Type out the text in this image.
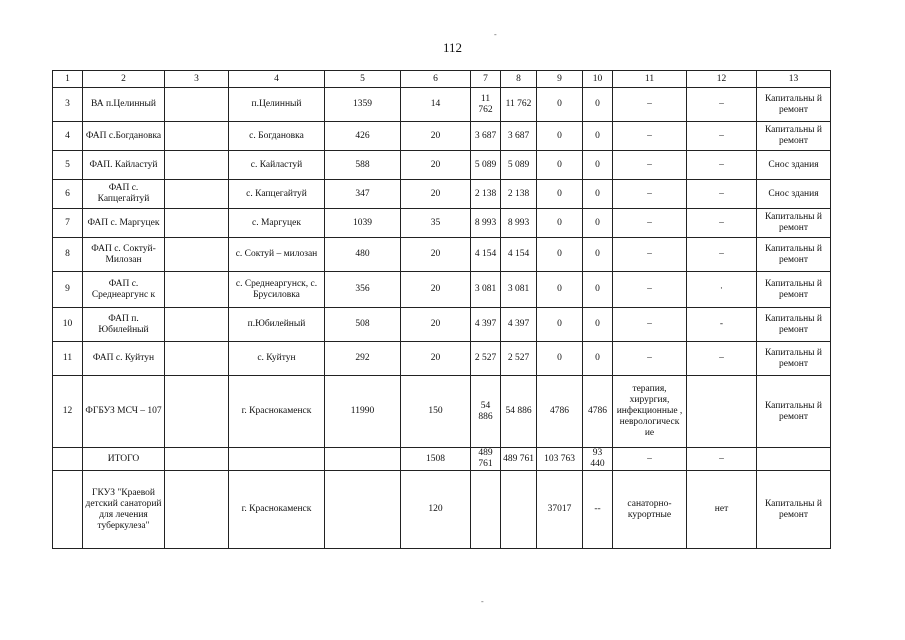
-
112
1	2	3	4	5	6	7	8	9	10	11	12	13
3	ВА п.Целинный		п.Целинный	1359	14	11 762	11 762	0	0	–	–	Капитальны й ремонт
4	ФАП с.Богдановка		с. Богдановка	426	20	3 687	3 687	0	0	–	–	Капитальны й ремонт
5	ФАП. Кайластуй		с. Кайластуй	588	20	5 089	5 089	0	0	–	–	Снос здания
6	ФАП с. Капцегайтуй		с. Капцегайтуй	347	20	2 138	2 138	0	0	–	–	Снос здания
7	ФАП с. Маргуцек		с. Маргуцек	1039	35	8 993	8 993	0	0	–	–	Капитальны й ремонт
8	ФАП с. Соктуй-Милозан		с. Соктуй – милозан	480	20	4 154	4 154	0	0	–	–	Капитальны й ремонт
9	ФАП с. Среднеаргунс к		с. Среднеаргунск, с. Брусиловка	356	20	3 081	3 081	0	0	–	·	Капитальны й ремонт
10	ФАП п. Юбилейный		п.Юбилейный	508	20	4 397	4 397	0	0	–	-	Капитальны й ремонт
11	ФАП с. Куйтун		с. Куйтун	292	20	2 527	2 527	0	0	–	–	Капитальны й ремонт
12	ФГБУЗ МСЧ – 107		г. Краснокаменск	11990	150	54 886	54 886	4786	4786	терапия, хирургия, инфекционные , неврологическ ие		Капитальны й ремонт
	ИТОГО				1508	489 761	489 761	103 763	93 440	–	–	
	ГКУЗ "Краевой детский санаторий для лечения туберкулеза"		г. Краснокаменск		120			37017	--	санаторно- курортные	нет	Капитальны й ремонт
-
